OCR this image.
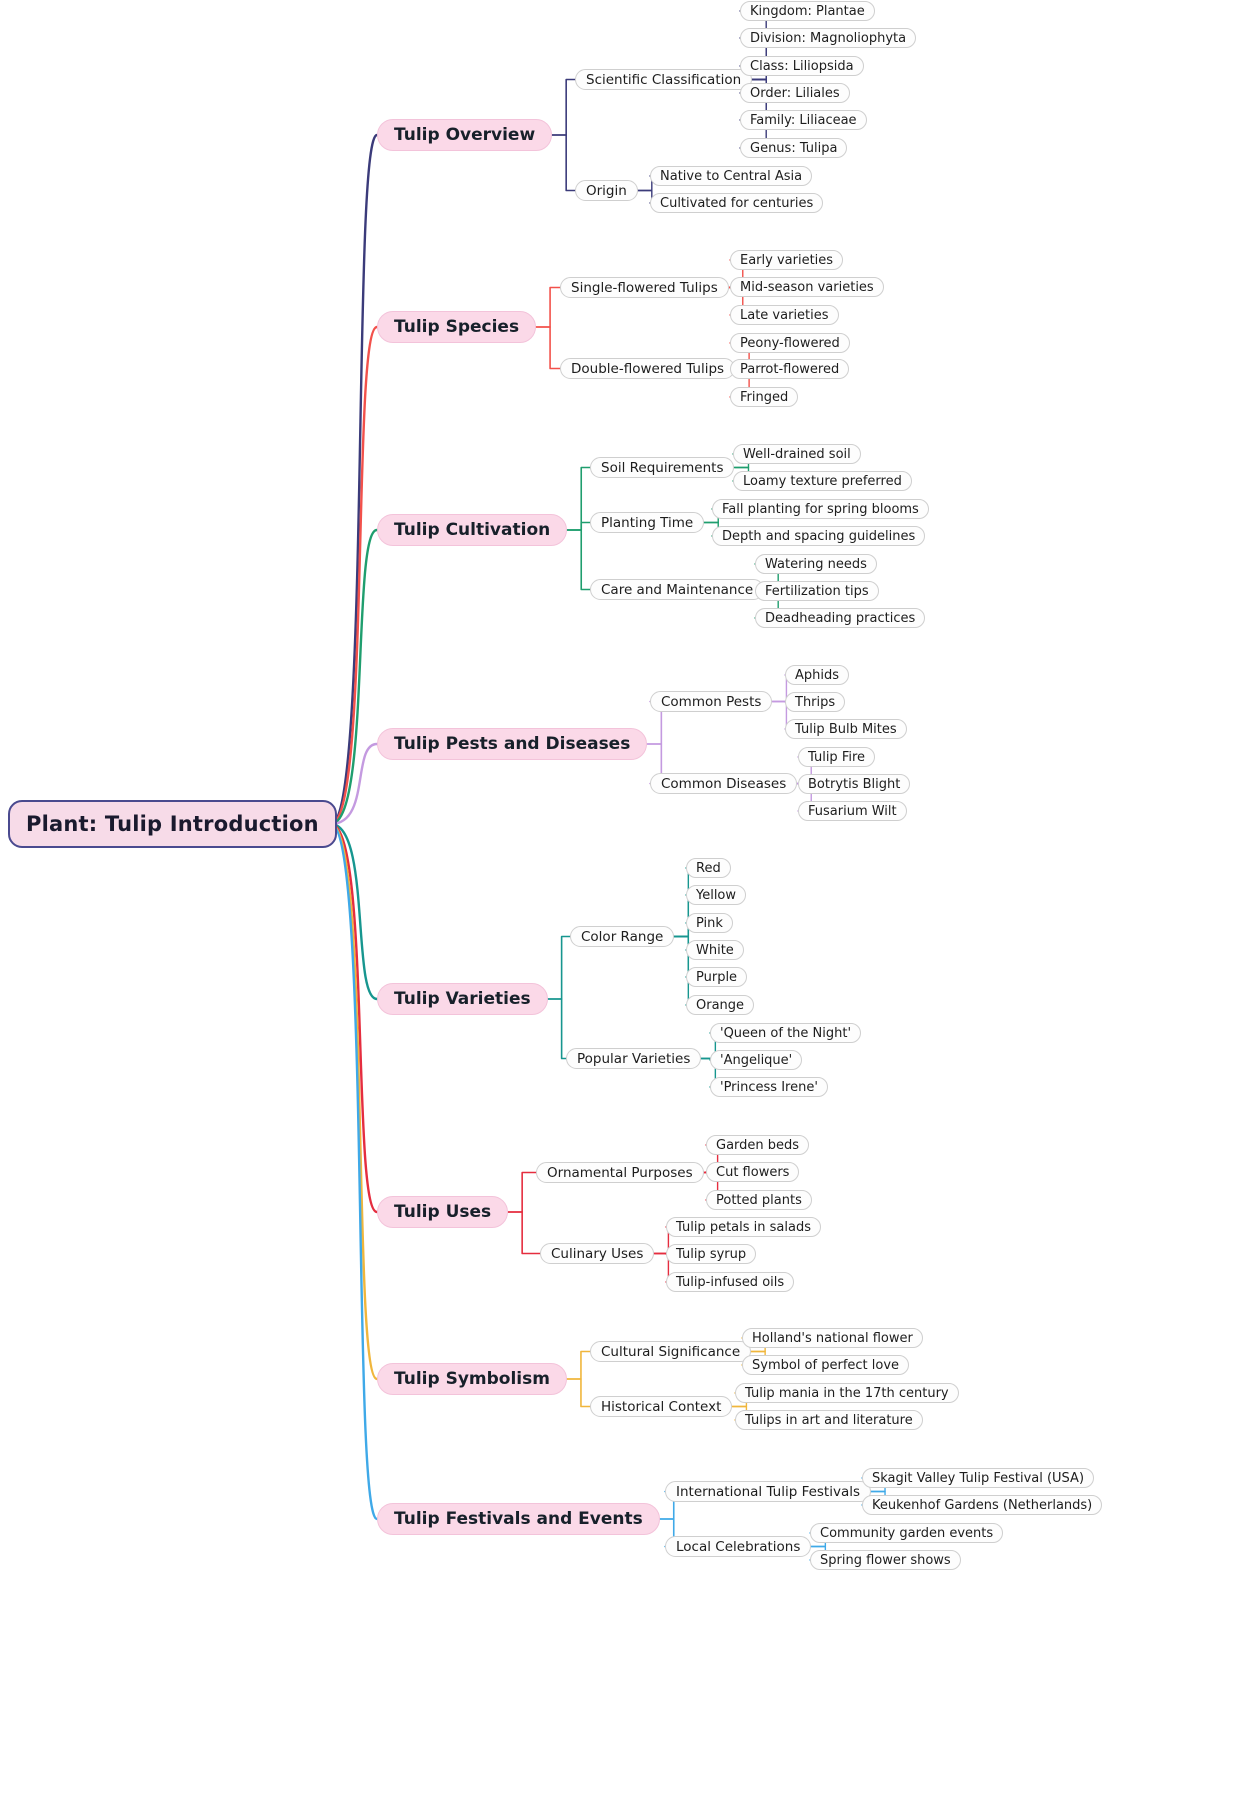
Plant: Tulip Introduction
Tulip Overview
Scientific Classification
Kingdom: Plantae
Division: Magnoliophyta
Class: Liliopsida
Order: Liliales
Family: Liliaceae
Genus: Tulipa
Origin
Native to Central Asia
Cultivated for centuries
Tulip Species
Single-flowered Tulips
Early varieties
Mid-season varieties
Late varieties
Double-flowered Tulips
Peony-flowered
Parrot-flowered
Fringed
Tulip Cultivation
Soil Requirements
Well-drained soil
Loamy texture preferred
Planting Time
Fall planting for spring blooms
Depth and spacing guidelines
Care and Maintenance
Watering needs
Fertilization tips
Deadheading practices
Tulip Pests and Diseases
Common Pests
Aphids
Thrips
Tulip Bulb Mites
Common Diseases
Tulip Fire
Botrytis Blight
Fusarium Wilt
Tulip Varieties
Color Range
Red
Yellow
Pink
White
Purple
Orange
Popular Varieties
'Queen of the Night'
'Angelique'
'Princess Irene'
Tulip Uses
Ornamental Purposes
Garden beds
Cut flowers
Potted plants
Culinary Uses
Tulip petals in salads
Tulip syrup
Tulip-infused oils
Tulip Symbolism
Cultural Significance
Holland's national flower
Symbol of perfect love
Historical Context
Tulip mania in the 17th century
Tulips in art and literature
Tulip Festivals and Events
International Tulip Festivals
Skagit Valley Tulip Festival (USA)
Keukenhof Gardens (Netherlands)
Local Celebrations
Community garden events
Spring flower shows
